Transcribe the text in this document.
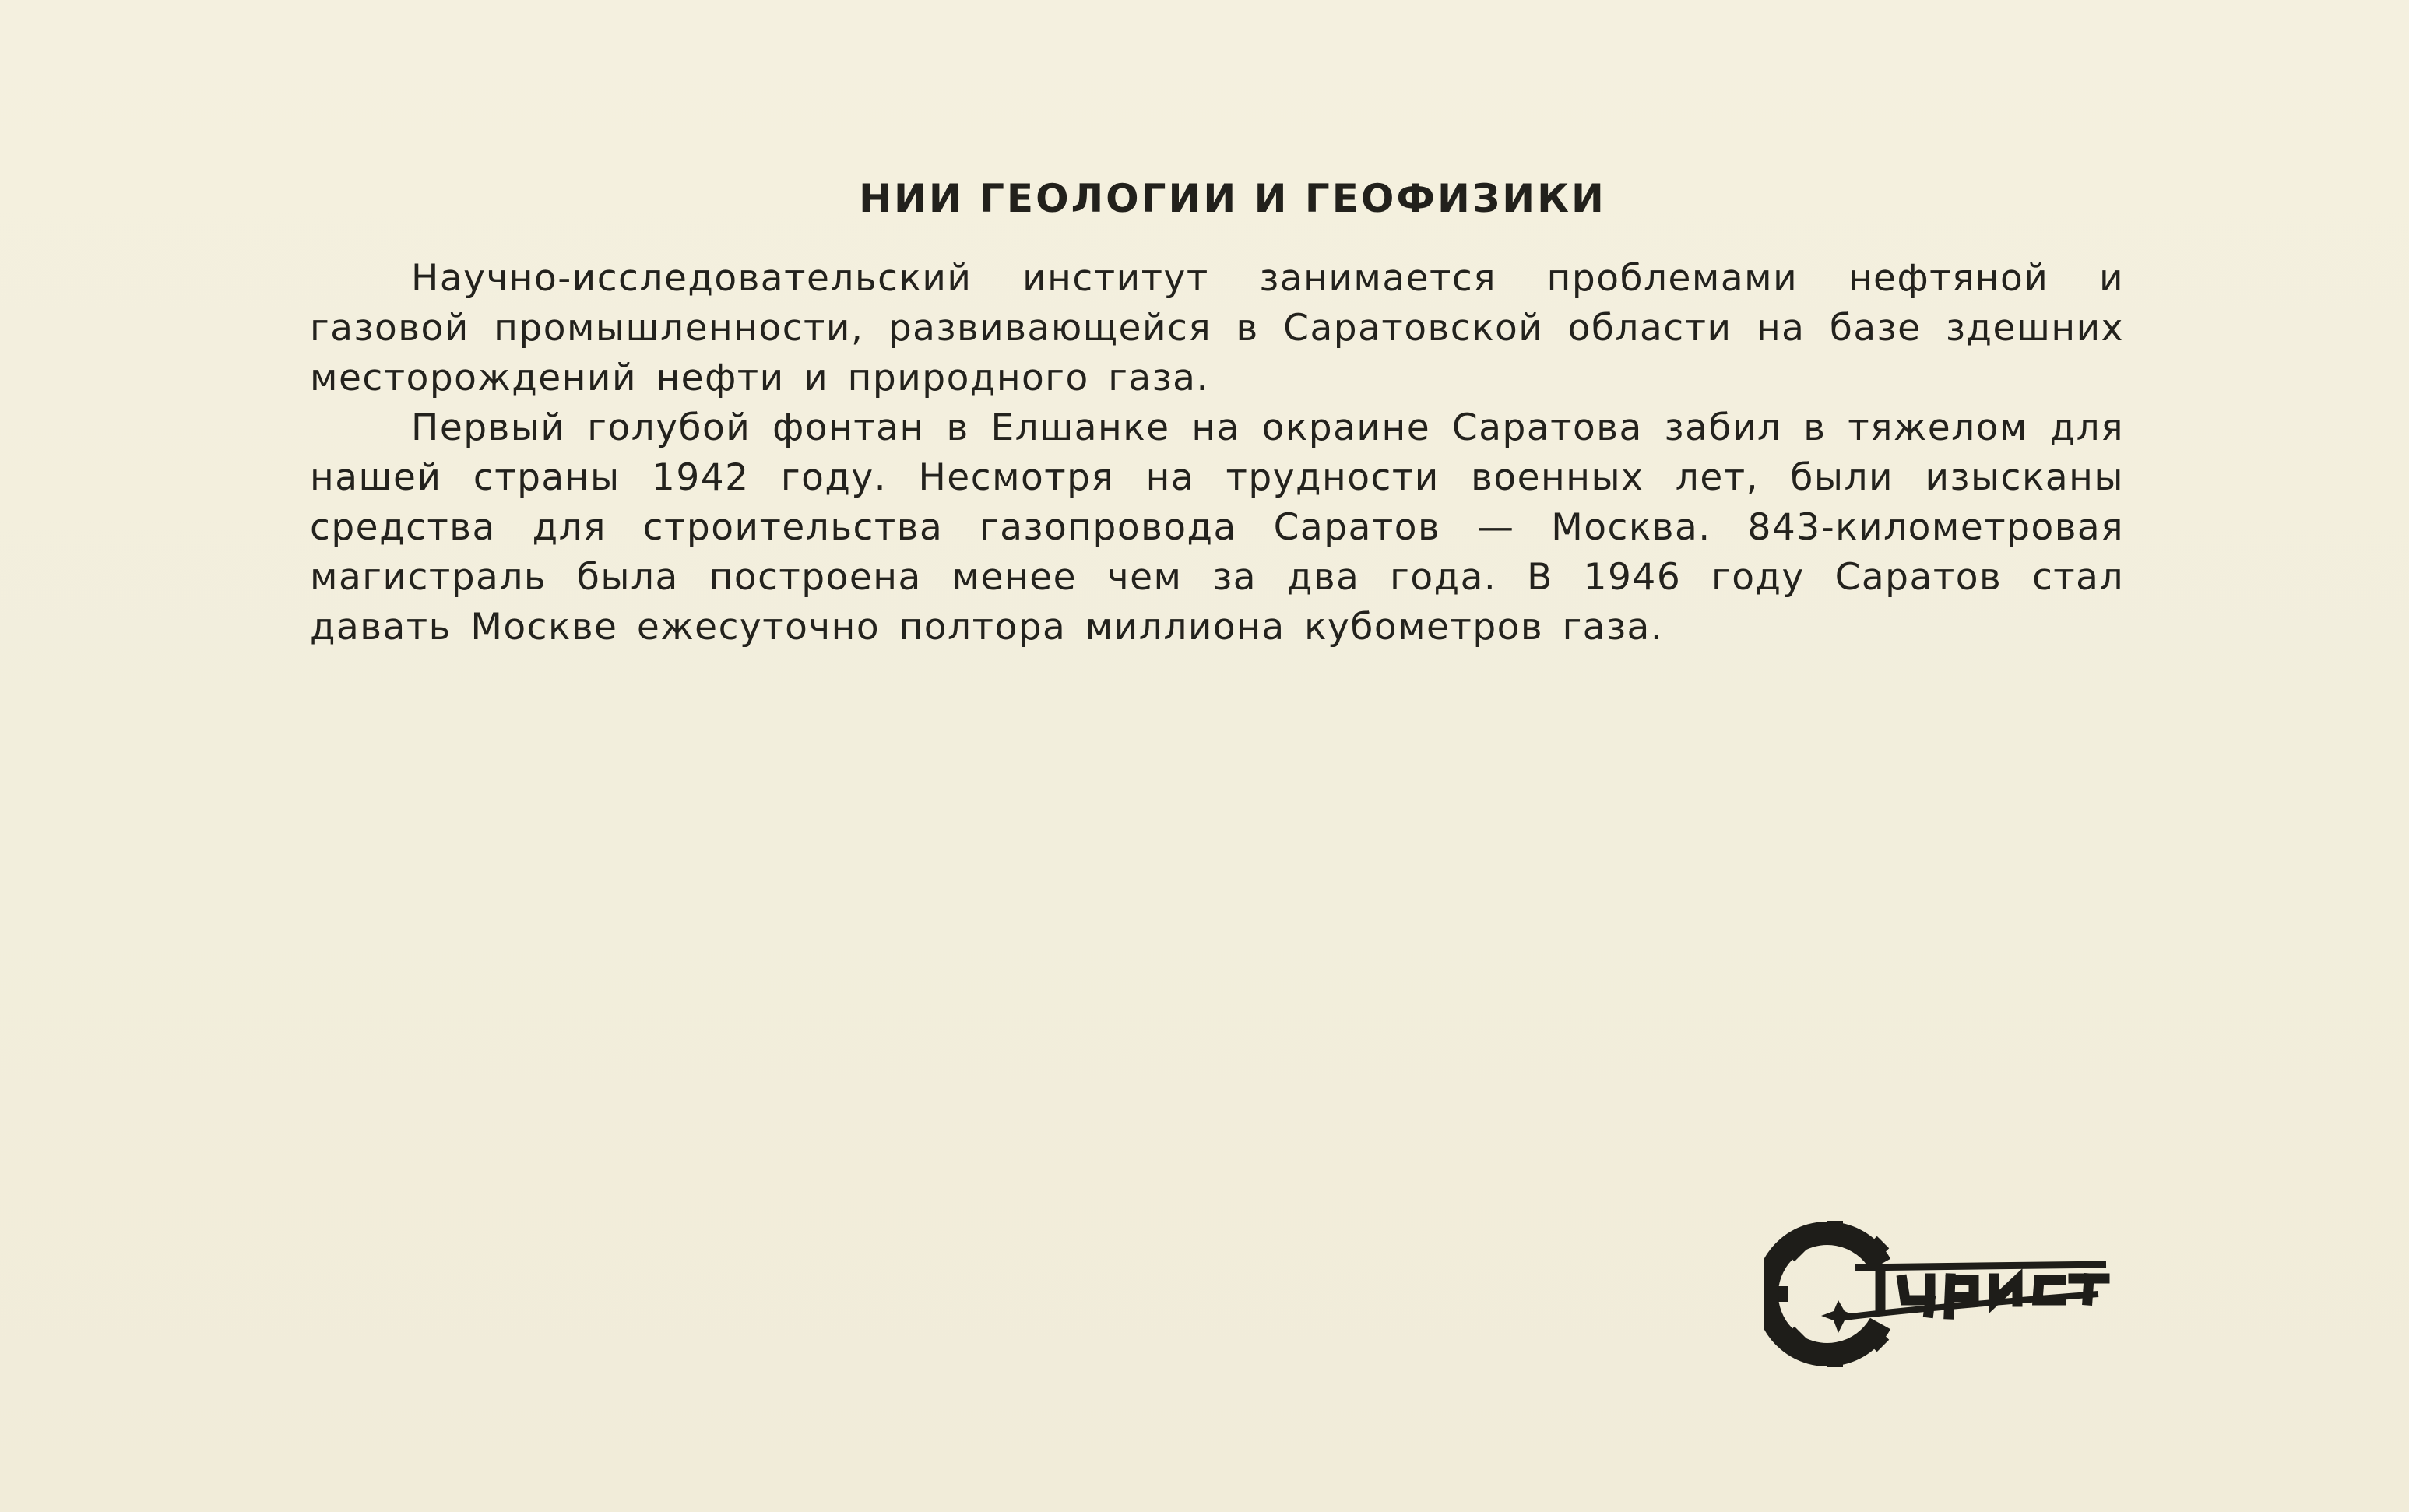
НИИ ГЕОЛОГИИ И ГЕОФИЗИКИ

Научно-исследовательский институт занимается проблемами нефтяной и газовой промышленности, развивающейся в Саратовской области на базе здешних месторождений нефти и природного газа.

Первый голубой фонтан в Елшанке на окраине Саратова забил в тяжелом для нашей страны 1942 году. Несмотря на трудности военных лет, были изысканы средства для строительства газопровода Саратов — Москва. 843-километровая магистраль была построена менее чем за два года. В 1946 году Саратов стал давать Москве ежесуточно полтора миллиона кубометров газа.
